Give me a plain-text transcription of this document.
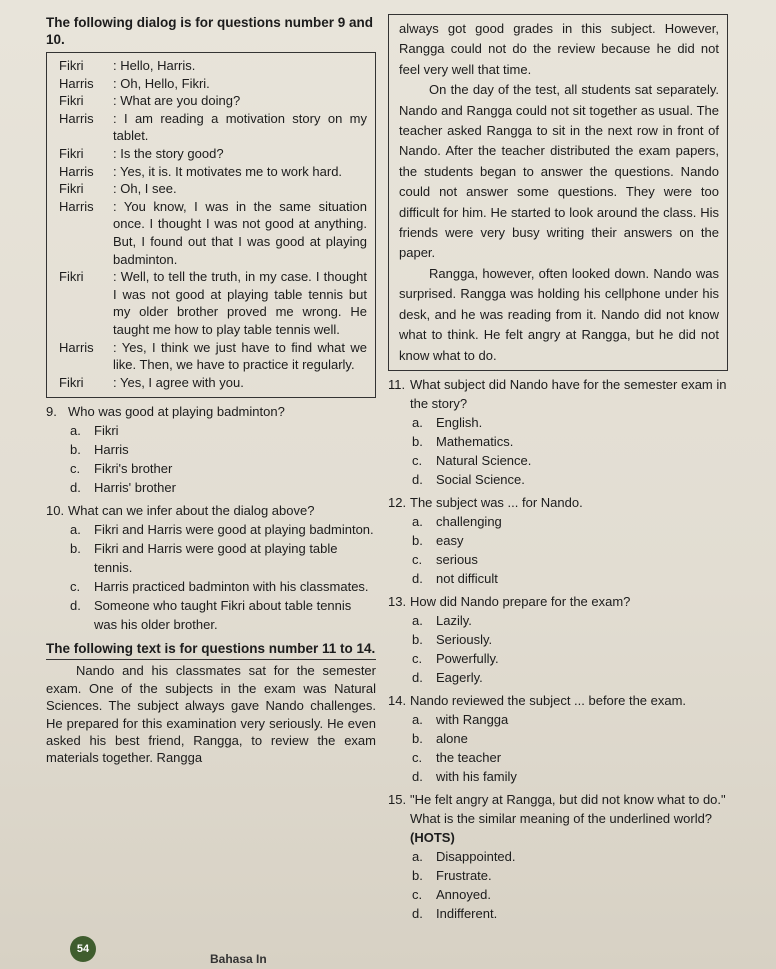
The following dialog is for questions number 9 and 10.
Fikri	: Hello, Harris.
Harris	: Oh, Hello, Fikri.
Fikri	: What are you doing?
Harris	: I am reading a motivation story on my tablet.
Fikri	: Is the story good?
Harris	: Yes, it is. It motivates me to work hard.
Fikri	: Oh, I see.
Harris	: You know, I was in the same situation once. I thought I was not good at anything. But, I found out that I was good at playing badminton.
Fikri	: Well, to tell the truth, in my case. I thought I was not good at playing table tennis but my older brother proved me wrong. He taught me how to play table tennis well.
Harris	: Yes, I think we just have to find what we like. Then, we have to practice it regularly.
Fikri	: Yes, I agree with you.
9. Who was good at playing badminton?
a.	Fikri
b.	Harris
c.	Fikri's brother
d.	Harris' brother
10. What can we infer about the dialog above?
a.	Fikri and Harris were good at playing badminton.
b.	Fikri and Harris were good at playing table tennis.
c.	Harris practiced badminton with his classmates.
d.	Someone who taught Fikri about table tennis was his older brother.
The following text is for questions number 11 to 14.
Nando and his classmates sat for the semester exam. One of the subjects in the exam was Natural Sciences. The subject always gave Nando challenges. He prepared for this examination very seriously. He even asked his best friend, Rangga, to review the exam materials together. Rangga
always got good grades in this subject. However, Rangga could not do the review because he did not feel very well that time.
On the day of the test, all students sat separately. Nando and Rangga could not sit together as usual. The teacher asked Rangga to sit in the next row in front of Nando. After the teacher distributed the exam papers, the students began to answer the questions. Nando could not answer some questions. They were too difficult for him. He started to look around the class. His friends were very busy writing their answers on the paper.
Rangga, however, often looked down. Nando was surprised. Rangga was holding his cellphone under his desk, and he was reading from it. Nando did not know what to think. He felt angry at Rangga, but he did not know what to do.
11. What subject did Nando have for the semester exam in the story?
a.	English.
b.	Mathematics.
c.	Natural Science.
d.	Social Science.
12. The subject was ... for Nando.
a.	challenging
b.	easy
c.	serious
d.	not difficult
13. How did Nando prepare for the exam?
a.	Lazily.
b.	Seriously.
c.	Powerfully.
d.	Eagerly.
14. Nando reviewed the subject ... before the exam.
a.	with Rangga
b.	alone
c.	the teacher
d.	with his family
15. "He felt angry at Rangga, but did not know what to do." What is the similar meaning of the underlined world? (HOTS)
a.	Disappointed.
b.	Frustrate.
c.	Annoyed.
d.	Indifferent.
54
Bahasa In
